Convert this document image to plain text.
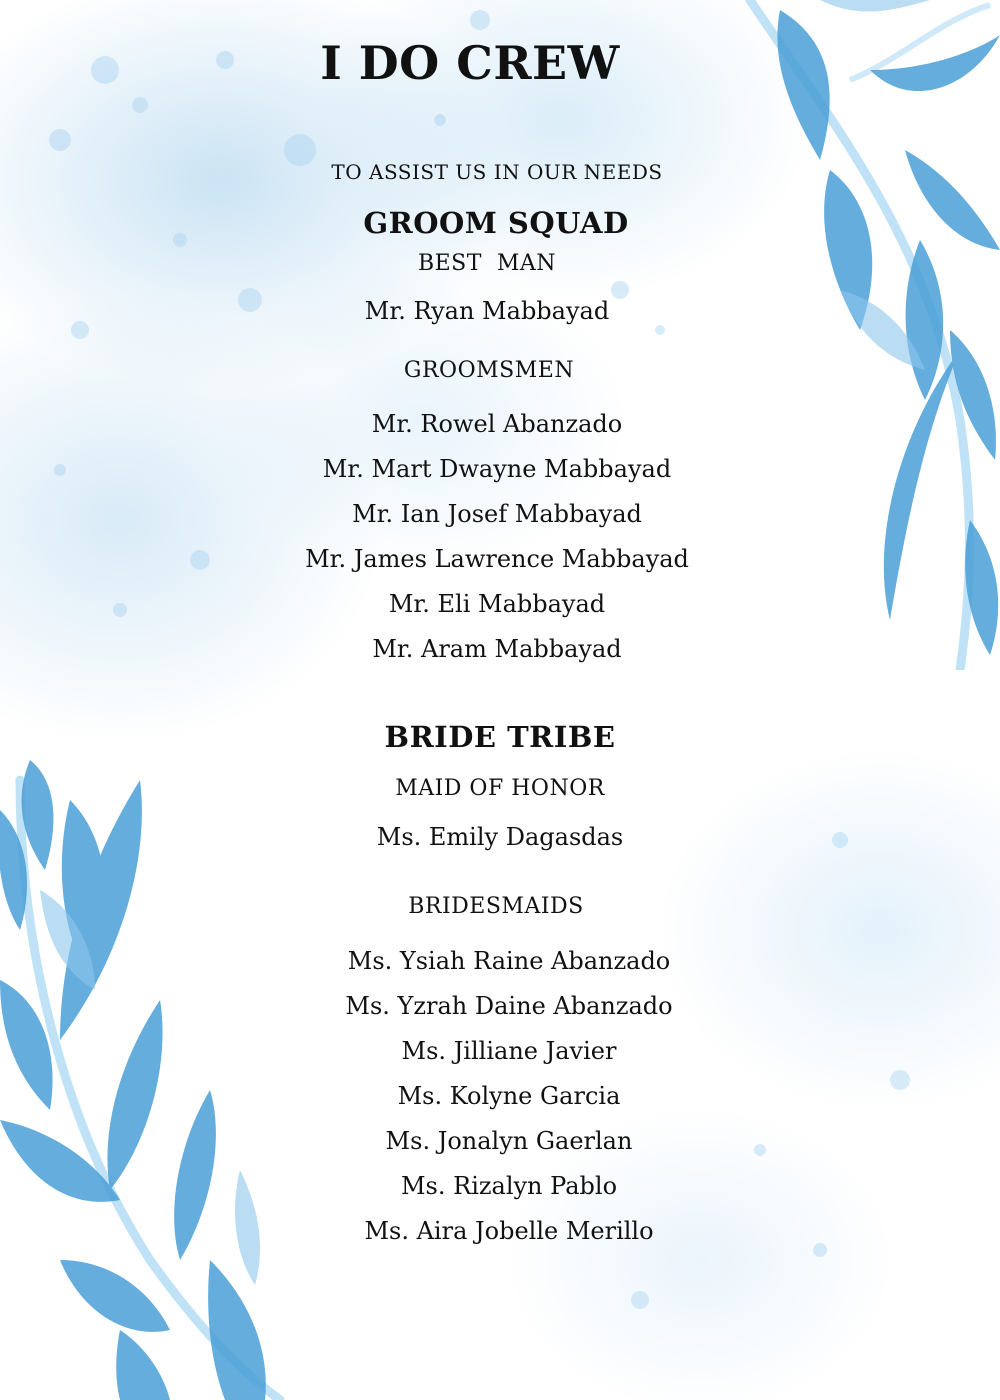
I DO CREW
TO ASSIST US IN OUR NEEDS
GROOM SQUAD
BEST  MAN
Mr. Ryan Mabbayad
GROOMSMEN
Mr. Rowel Abanzado
Mr. Mart Dwayne Mabbayad
Mr. Ian Josef Mabbayad
Mr. James Lawrence Mabbayad
Mr. Eli Mabbayad
Mr. Aram Mabbayad
BRIDE TRIBE
MAID OF HONOR
Ms. Emily Dagasdas
BRIDESMAIDS
Ms. Ysiah Raine Abanzado
Ms. Yzrah Daine Abanzado
Ms. Jilliane Javier
Ms. Kolyne Garcia
Ms. Jonalyn Gaerlan
Ms. Rizalyn Pablo
Ms. Aira Jobelle Merillo
